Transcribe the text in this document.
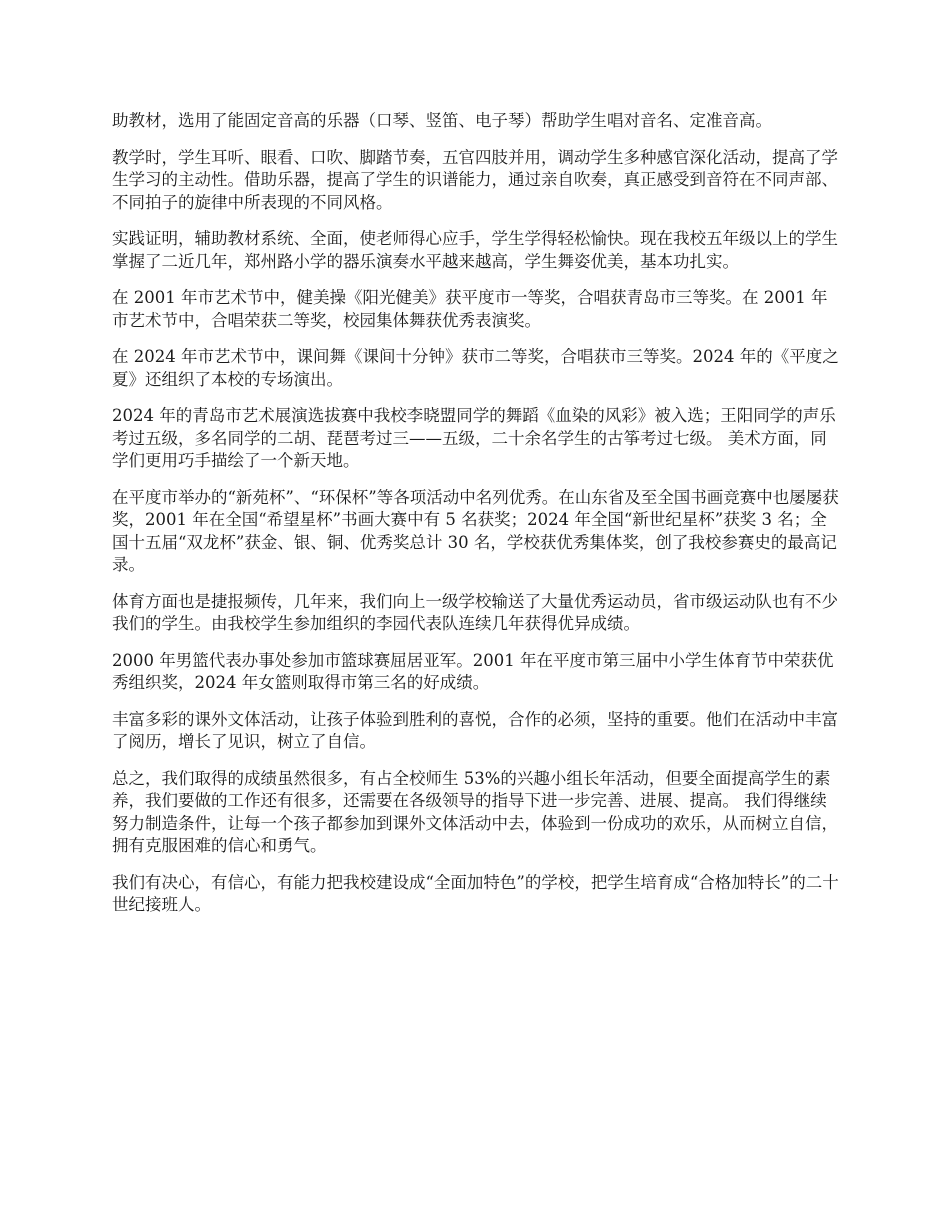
助教材，选用了能固定音高的乐器（口琴、竖笛、电子琴）帮助学生唱对音名、定准音高。

教学时，学生耳听、眼看、口吹、脚踏节奏，五官四肢并用，调动学生多种感官深化活动，提高了学生学习的主动性。借助乐器，提高了学生的识谱能力，通过亲自吹奏，真正感受到音符在不同声部、不同拍子的旋律中所表现的不同风格。

实践证明，辅助教材系统、全面，使老师得心应手，学生学得轻松愉快。现在我校五年级以上的学生掌握了二近几年，郑州路小学的器乐演奏水平越来越高，学生舞姿优美，基本功扎实。

在 2001 年市艺术节中，健美操《阳光健美》获平度市一等奖，合唱获青岛市三等奖。在 2001 年市艺术节中，合唱荣获二等奖，校园集体舞获优秀表演奖。

在 2024 年市艺术节中，课间舞《课间十分钟》获市二等奖，合唱获市三等奖。2024 年的《平度之夏》还组织了本校的专场演出。

2024 年的青岛市艺术展演选拔赛中我校李晓盟同学的舞蹈《血染的风彩》被入选；王阳同学的声乐考过五级，多名同学的二胡、琵琶考过三——五级，二十余名学生的古筝考过七级。 美术方面，同学们更用巧手描绘了一个新天地。

在平度市举办的“新苑杯”、“环保杯”等各项活动中名列优秀。在山东省及至全国书画竞赛中也屡屡获奖，2001 年在全国“希望星杯”书画大赛中有 5 名获奖；2024 年全国“新世纪星杯”获奖 3 名；全国十五届“双龙杯”获金、银、铜、优秀奖总计 30 名，学校获优秀集体奖，创了我校参赛史的最高记录。

体育方面也是捷报频传，几年来，我们向上一级学校输送了大量优秀运动员，省市级运动队也有不少我们的学生。由我校学生参加组织的李园代表队连续几年获得优异成绩。

2000 年男篮代表办事处参加市篮球赛屈居亚军。2001 年在平度市第三届中小学生体育节中荣获优秀组织奖，2024 年女篮则取得市第三名的好成绩。

丰富多彩的课外文体活动，让孩子体验到胜利的喜悦，合作的必须，坚持的重要。他们在活动中丰富了阅历，增长了见识，树立了自信。

总之，我们取得的成绩虽然很多，有占全校师生 53%的兴趣小组长年活动，但要全面提高学生的素养，我们要做的工作还有很多，还需要在各级领导的指导下进一步完善、进展、提高。 我们得继续努力制造条件，让每一个孩子都参加到课外文体活动中去，体验到一份成功的欢乐，从而树立自信，拥有克服困难的信心和勇气。

我们有决心，有信心，有能力把我校建设成“全面加特色”的学校，把学生培育成“合格加特长”的二十世纪接班人。
